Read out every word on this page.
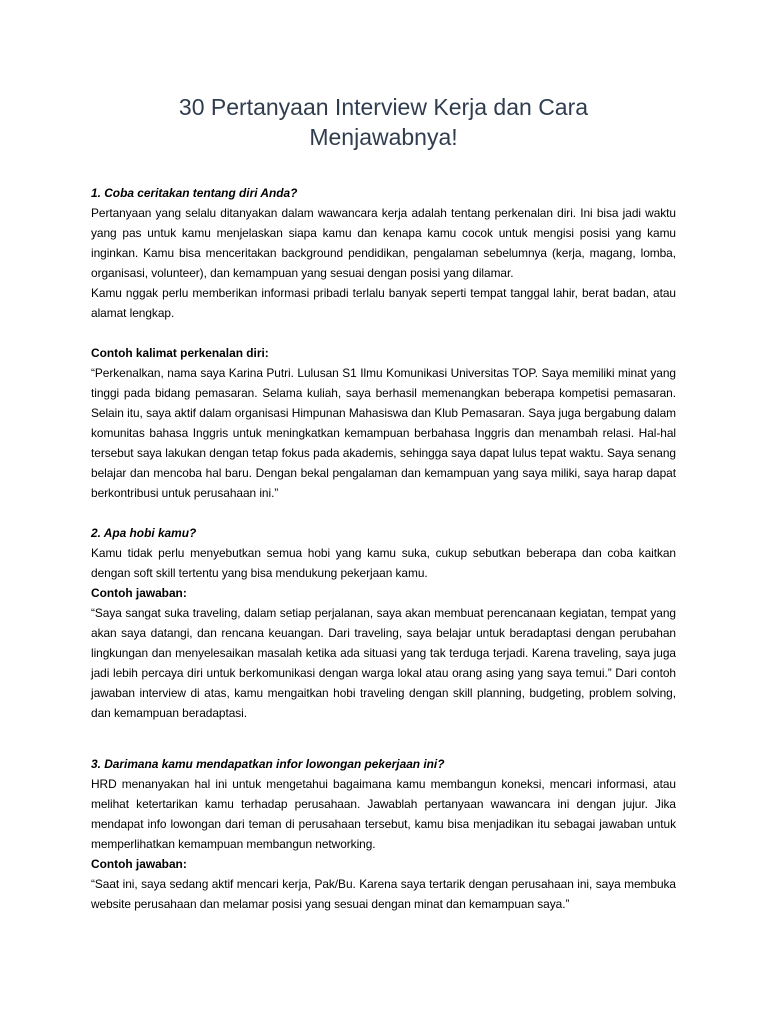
30 Pertanyaan Interview Kerja dan Cara Menjawabnya!

1. Coba ceritakan tentang diri Anda?

Pertanyaan yang selalu ditanyakan dalam wawancara kerja adalah tentang perkenalan diri. Ini bisa jadi waktu yang pas untuk kamu menjelaskan siapa kamu dan kenapa kamu cocok untuk mengisi posisi yang kamu inginkan. Kamu bisa menceritakan background pendidikan, pengalaman sebelumnya (kerja, magang, lomba, organisasi, volunteer), dan kemampuan yang sesuai dengan posisi yang dilamar.

Kamu nggak perlu memberikan informasi pribadi terlalu banyak seperti tempat tanggal lahir, berat badan, atau alamat lengkap.

Contoh kalimat perkenalan diri:

“Perkenalkan, nama saya Karina Putri. Lulusan S1 Ilmu Komunikasi Universitas TOP. Saya memiliki minat yang tinggi pada bidang pemasaran. Selama kuliah, saya berhasil memenangkan beberapa kompetisi pemasaran. Selain itu, saya aktif dalam organisasi Himpunan Mahasiswa dan Klub Pemasaran. Saya juga bergabung dalam komunitas bahasa Inggris untuk meningkatkan kemampuan berbahasa Inggris dan menambah relasi. Hal-hal tersebut saya lakukan dengan tetap fokus pada akademis, sehingga saya dapat lulus tepat waktu. Saya senang belajar dan mencoba hal baru. Dengan bekal pengalaman dan kemampuan yang saya miliki, saya harap dapat berkontribusi untuk perusahaan ini.”

2. Apa hobi kamu?

Kamu tidak perlu menyebutkan semua hobi yang kamu suka, cukup sebutkan beberapa dan coba kaitkan dengan soft skill tertentu yang bisa mendukung pekerjaan kamu.

Contoh jawaban:

“Saya sangat suka traveling, dalam setiap perjalanan, saya akan membuat perencanaan kegiatan, tempat yang akan saya datangi, dan rencana keuangan. Dari traveling, saya belajar untuk beradaptasi dengan perubahan lingkungan dan menyelesaikan masalah ketika ada situasi yang tak terduga terjadi. Karena traveling, saya juga jadi lebih percaya diri untuk berkomunikasi dengan warga lokal atau orang asing yang saya temui.” Dari contoh jawaban interview di atas, kamu mengaitkan hobi traveling dengan skill planning, budgeting, problem solving, dan kemampuan beradaptasi.

3. Darimana kamu mendapatkan infor lowongan pekerjaan ini?

HRD menanyakan hal ini untuk mengetahui bagaimana kamu membangun koneksi, mencari informasi, atau melihat ketertarikan kamu terhadap perusahaan. Jawablah pertanyaan wawancara ini dengan jujur. Jika mendapat info lowongan dari teman di perusahaan tersebut, kamu bisa menjadikan itu sebagai jawaban untuk memperlihatkan kemampuan membangun networking.

Contoh jawaban:

“Saat ini, saya sedang aktif mencari kerja, Pak/Bu. Karena saya tertarik dengan perusahaan ini, saya membuka website perusahaan dan melamar posisi yang sesuai dengan minat dan kemampuan saya.”
